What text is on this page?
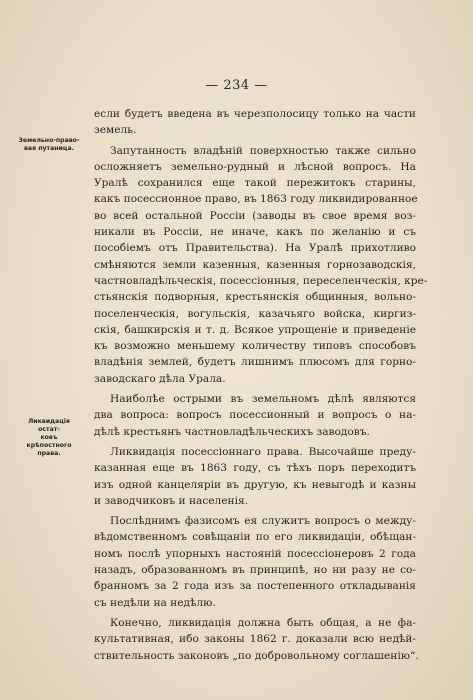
— 234 —
Земельно-право-
вая путаница.
Ликвидація остат-
ковъ крѣпостного
права.
если будетъ введена въ черезполосицу только на части
земель.
Запутанность владѣній поверхностью также сильно
осложняетъ земельно-рудный и лѣсной вопросъ. На
Уралѣ сохранился еще такой пережитокъ старины,
какъ посессионное право, въ 1863 году ликвидированное
во всей остальной Россіи (заводы въ свое время воз-
никали въ Россіи, не иначе, какъ по желанію и съ
пособіемъ отъ Правительства). На Уралѣ прихотливо
смѣняются земли казенныя, казенныя горнозаводскія,
частновладѣльческія, посессіонныя, переселенческія, кре-
стьянскія подворныя, крестьянскія общинныя, вольно-
поселенческія, вогульскія, казачьяго войска, киргиз-
скія, башкирскія и т. д. Всякое упрощеніе и приведеніе
къ возможно меньшему количеству типовъ способовъ
владѣнія землей, будетъ лишнимъ плюсомъ для горно-
заводскаго дѣла Урала.
Наиболѣе острыми въ земельномъ дѣлѣ являются
два вопроса: вопросъ посессионный и вопросъ о на-
дѣлѣ крестьянъ частновладѣльческихъ заводовъ.
Ликвидація посессіоннаго права. Высочайше преду-
казанная еще въ 1863 году, съ тѣхъ поръ переходитъ
изъ одной канцеляріи въ другую, къ невыгодѣ и казны
и заводчиковъ и населенія.
Послѣднимъ фазисомъ ея служитъ вопросъ о между-
вѣдомственномъ совѣщаніи по его ликвидаціи, обѣщан-
номъ послѣ упорныхъ настояній посессіонеровъ 2 года
назадъ, образованномъ въ принципѣ, но ни разу не со-
бранномъ за 2 года изъ за постепенного откладыванія
съ недѣли на недѣлю.
Конечно, ликвидація должна быть общая, а не фа-
культативная, ибо законы 1862 г. доказали всю недѣй-
ствительность законовъ „по добровольному соглашенію“.
